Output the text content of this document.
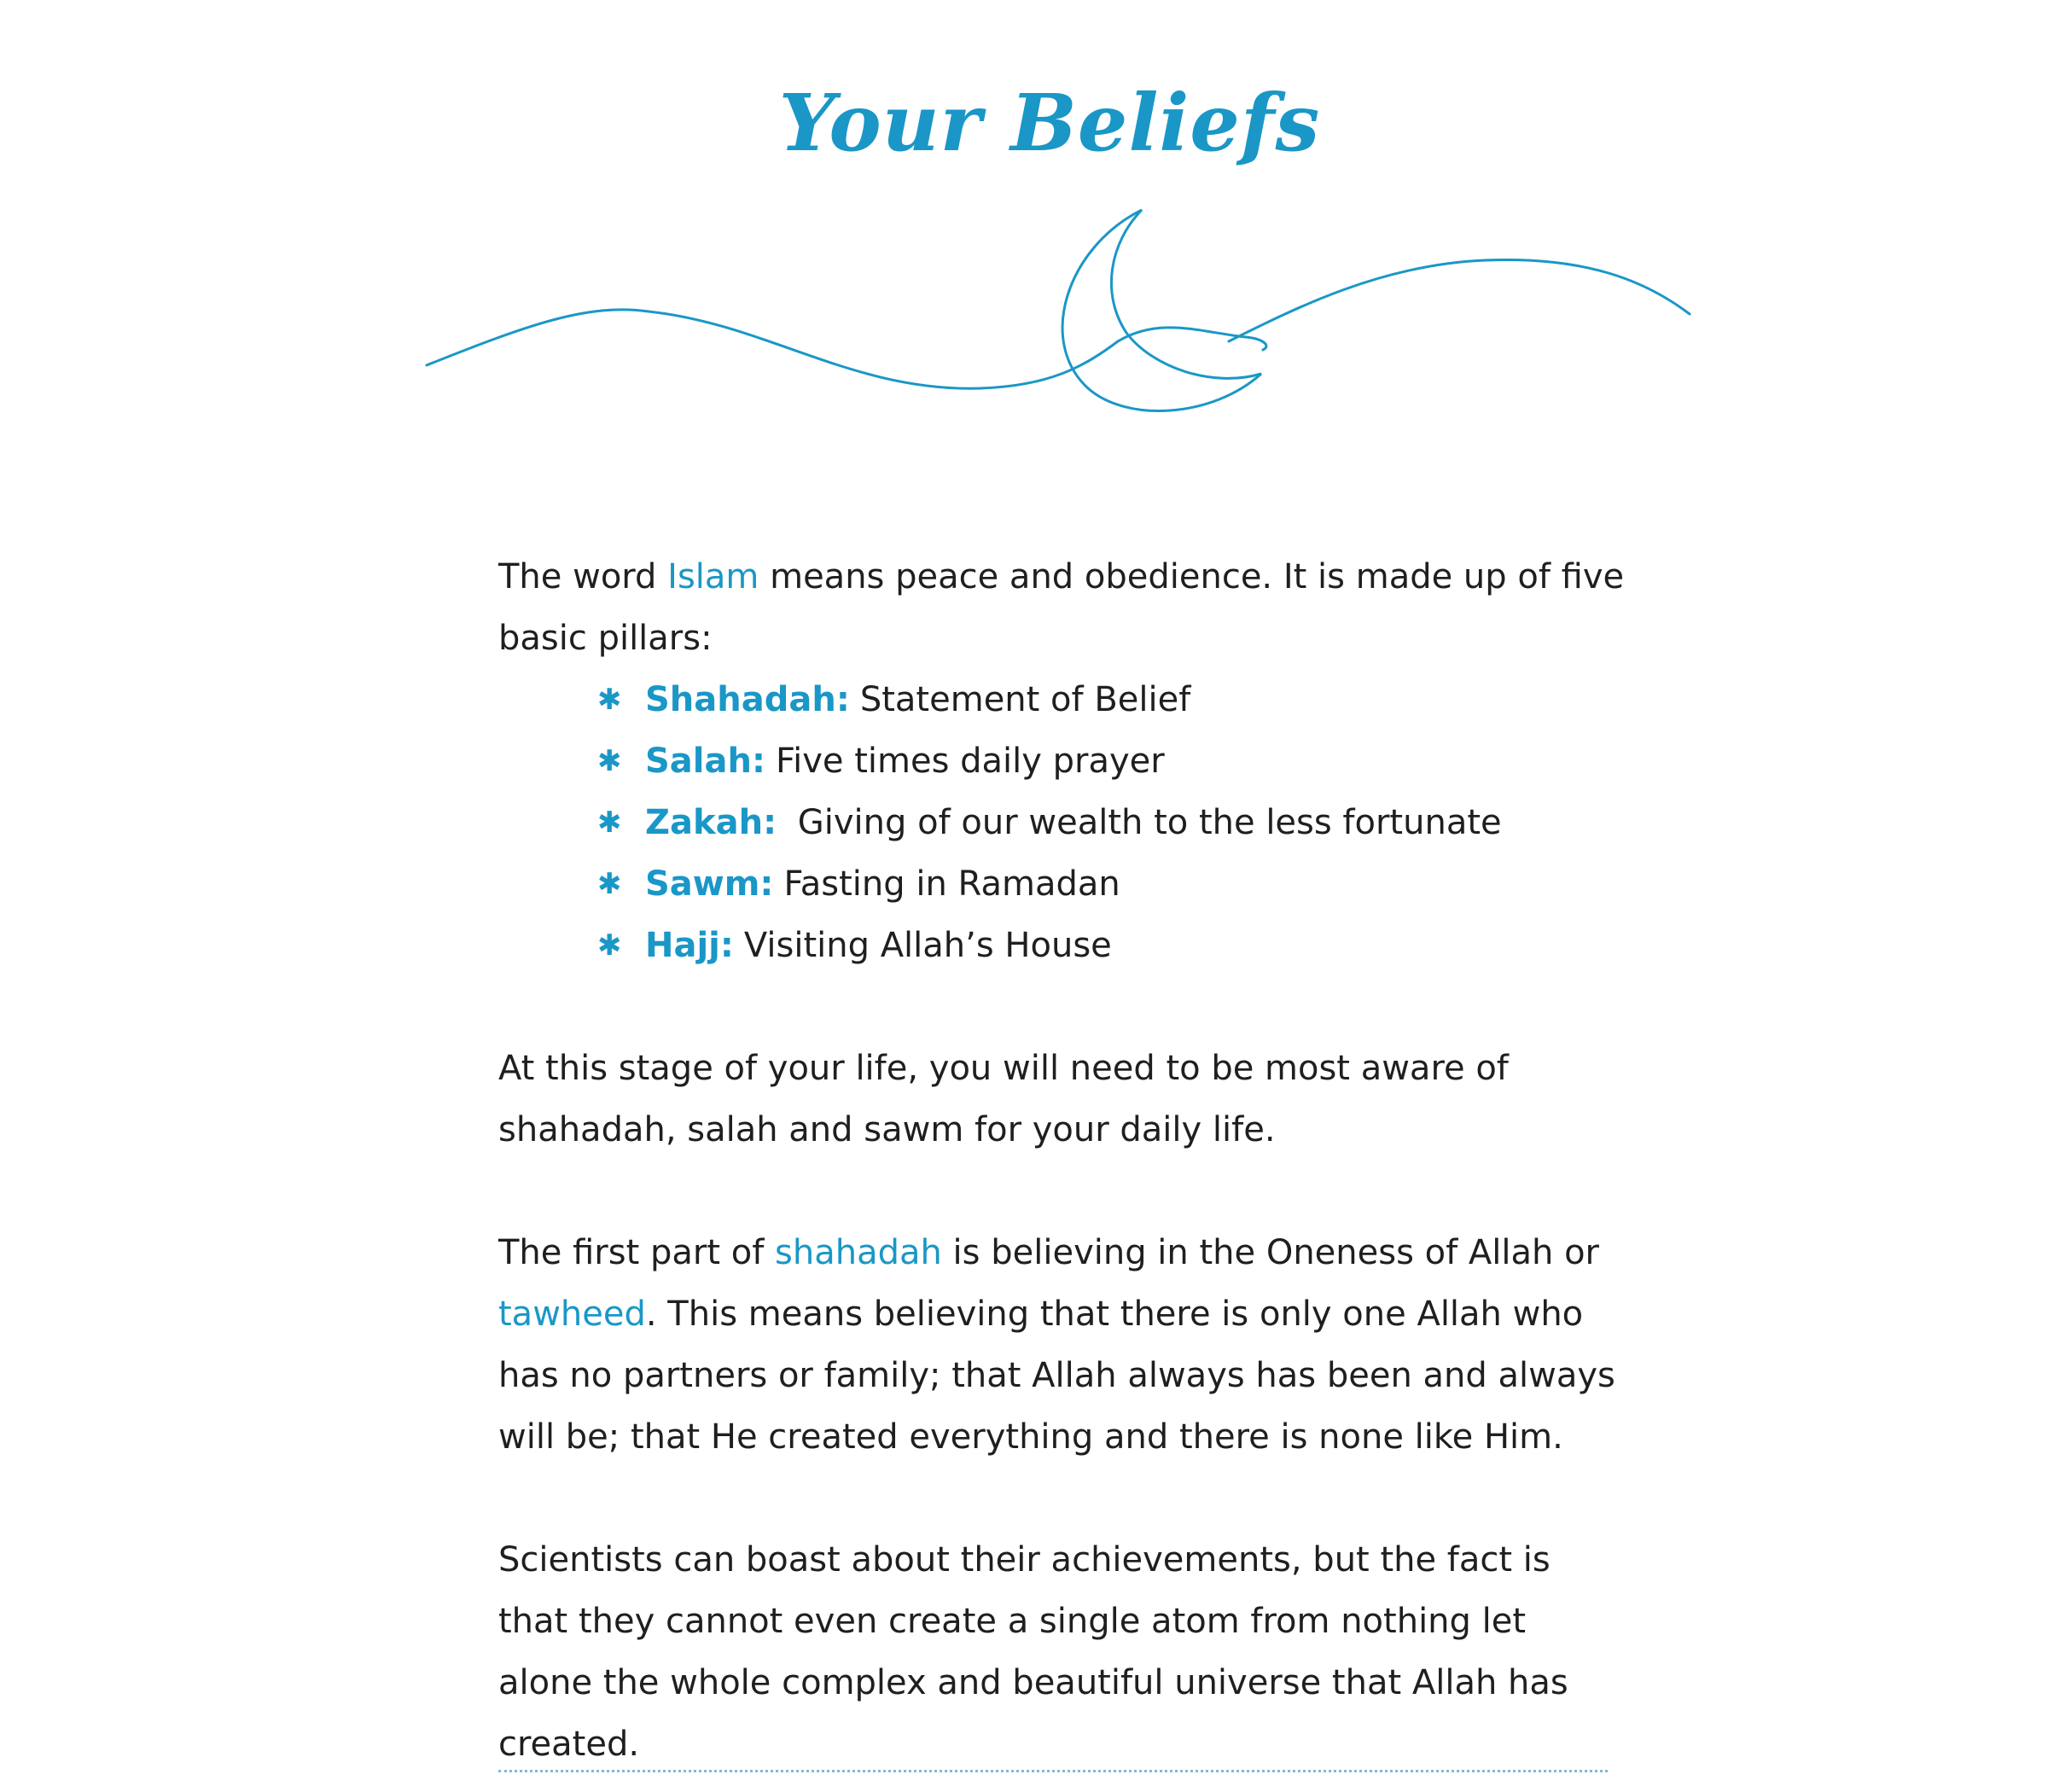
Your Beliefs

The word Islam means peace and obedience. It is made up of five basic pillars:

✱ Shahadah: Statement of Belief
✱ Salah: Five times daily prayer
✱ Zakah: Giving of our wealth to the less fortunate
✱ Sawm: Fasting in Ramadan
✱ Hajj: Visiting Allah’s House

At this stage of your life, you will need to be most aware of shahadah, salah and sawm for your daily life.

The first part of shahadah is believing in the Oneness of Allah or tawheed. This means believing that there is only one Allah who has no partners or family; that Allah always has been and always will be; that He created everything and there is none like Him.

Scientists can boast about their achievements, but the fact is that they cannot even create a single atom from nothing let alone the whole complex and beautiful universe that Allah has created.
